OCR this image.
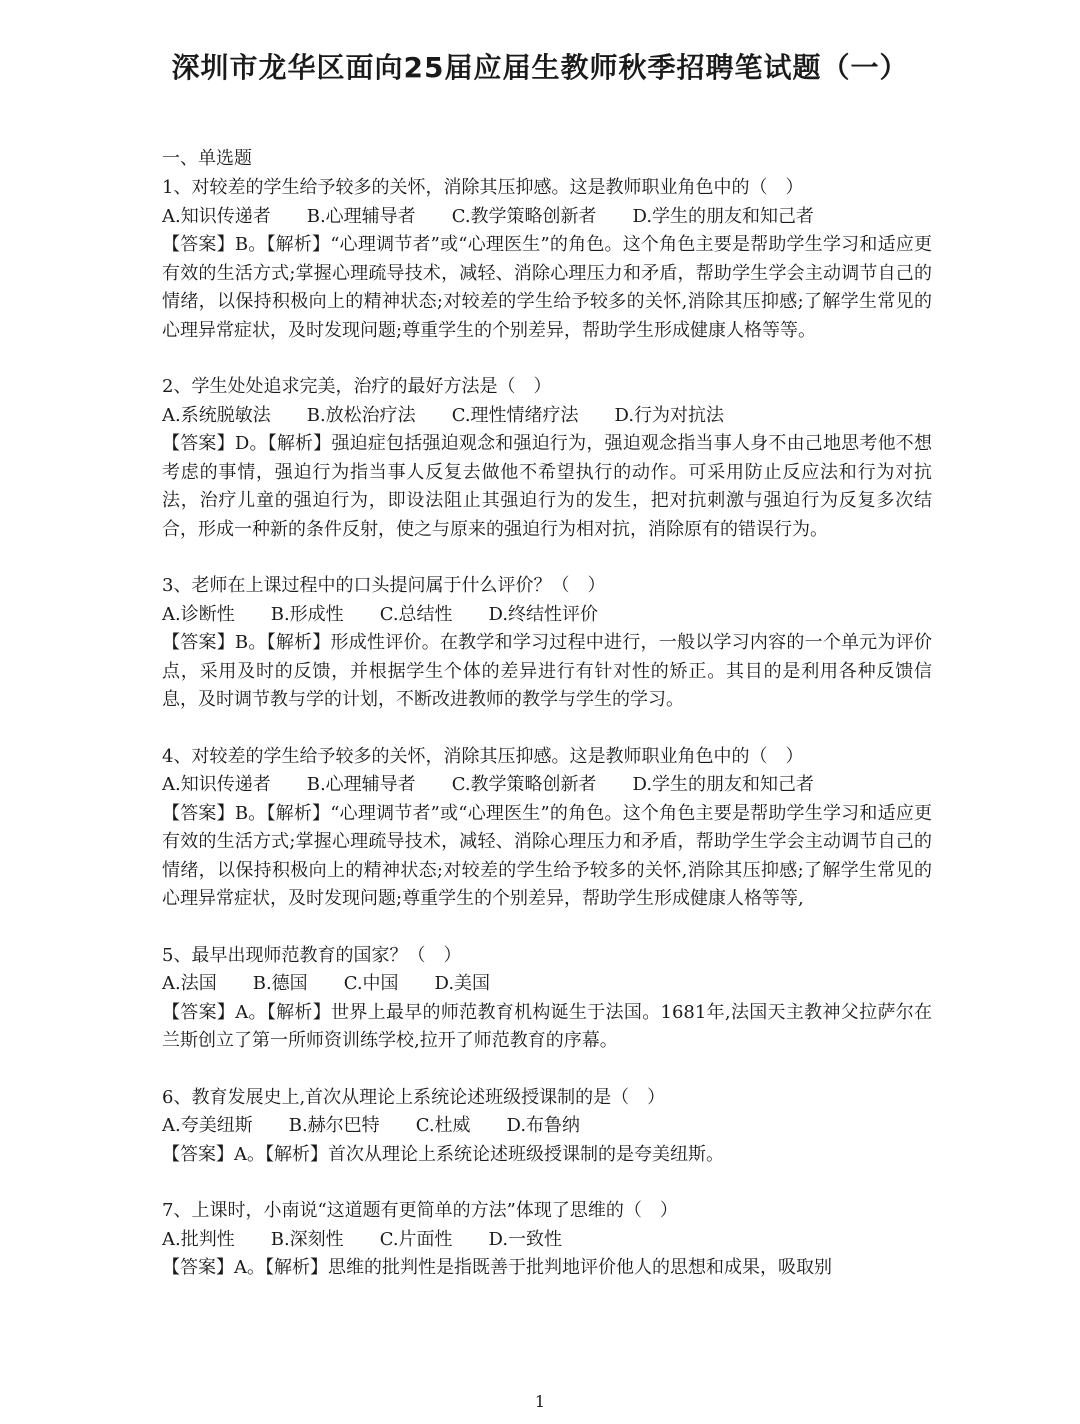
深圳市龙华区面向25届应届生教师秋季招聘笔试题（一）
一、单选题
1、对较差的学生给予较多的关怀，消除其压抑感。这是教师职业角色中的（　）
A.知识传递者 B.心理辅导者 C.教学策略创新者 D.学生的朋友和知己者
【答案】B。【解析】“心理调节者”或“心理医生”的角色。这个角色主要是帮助学生学习和适应更有效的生活方式;掌握心理疏导技术，减轻、消除心理压力和矛盾，帮助学生学会主动调节自己的情绪，以保持积极向上的精神状态;对较差的学生给予较多的关怀,消除其压抑感;了解学生常见的心理异常症状，及时发现问题;尊重学生的个别差异，帮助学生形成健康人格等等。
2、学生处处追求完美，治疗的最好方法是（　）
A.系统脱敏法 B.放松治疗法 C.理性情绪疗法 D.行为对抗法
【答案】D。【解析】强迫症包括强迫观念和强迫行为，强迫观念指当事人身不由己地思考他不想考虑的事情，强迫行为指当事人反复去做他不希望执行的动作。可采用防止反应法和行为对抗法，治疗儿童的强迫行为，即设法阻止其强迫行为的发生，把对抗刺激与强迫行为反复多次结合，形成一种新的条件反射，使之与原来的强迫行为相对抗，消除原有的错误行为。
3、老师在上课过程中的口头提问属于什么评价？（　）
A.诊断性 B.形成性 C.总结性 D.终结性评价
【答案】B。【解析】形成性评价。在教学和学习过程中进行，一般以学习内容的一个单元为评价点，采用及时的反馈，并根据学生个体的差异进行有针对性的矫正。其目的是利用各种反馈信息，及时调节教与学的计划，不断改进教师的教学与学生的学习。
4、对较差的学生给予较多的关怀，消除其压抑感。这是教师职业角色中的（　）
A.知识传递者 B.心理辅导者 C.教学策略创新者 D.学生的朋友和知己者
【答案】B。【解析】“心理调节者”或“心理医生”的角色。这个角色主要是帮助学生学习和适应更有效的生活方式;掌握心理疏导技术，减轻、消除心理压力和矛盾，帮助学生学会主动调节自己的情绪，以保持积极向上的精神状态;对较差的学生给予较多的关怀,消除其压抑感;了解学生常见的心理异常症状，及时发现问题;尊重学生的个别差异，帮助学生形成健康人格等等,
5、最早出现师范教育的国家？（　）
A.法国 B.德国 C.中国 D.美国
【答案】A。【解析】世界上最早的师范教育机构诞生于法国。1681年,法国天主教神父拉萨尔在兰斯创立了第一所师资训练学校,拉开了师范教育的序幕。
6、教育发展史上,首次从理论上系统论述班级授课制的是（　）
A.夸美纽斯 B.赫尔巴特 C.杜威 D.布鲁纳
【答案】A。【解析】首次从理论上系统论述班级授课制的是夸美纽斯。
7、上课时，小南说“这道题有更简单的方法”体现了思维的（　）
A.批判性 B.深刻性 C.片面性 D.一致性
【答案】A。【解析】思维的批判性是指既善于批判地评价他人的思想和成果，吸取别
1
